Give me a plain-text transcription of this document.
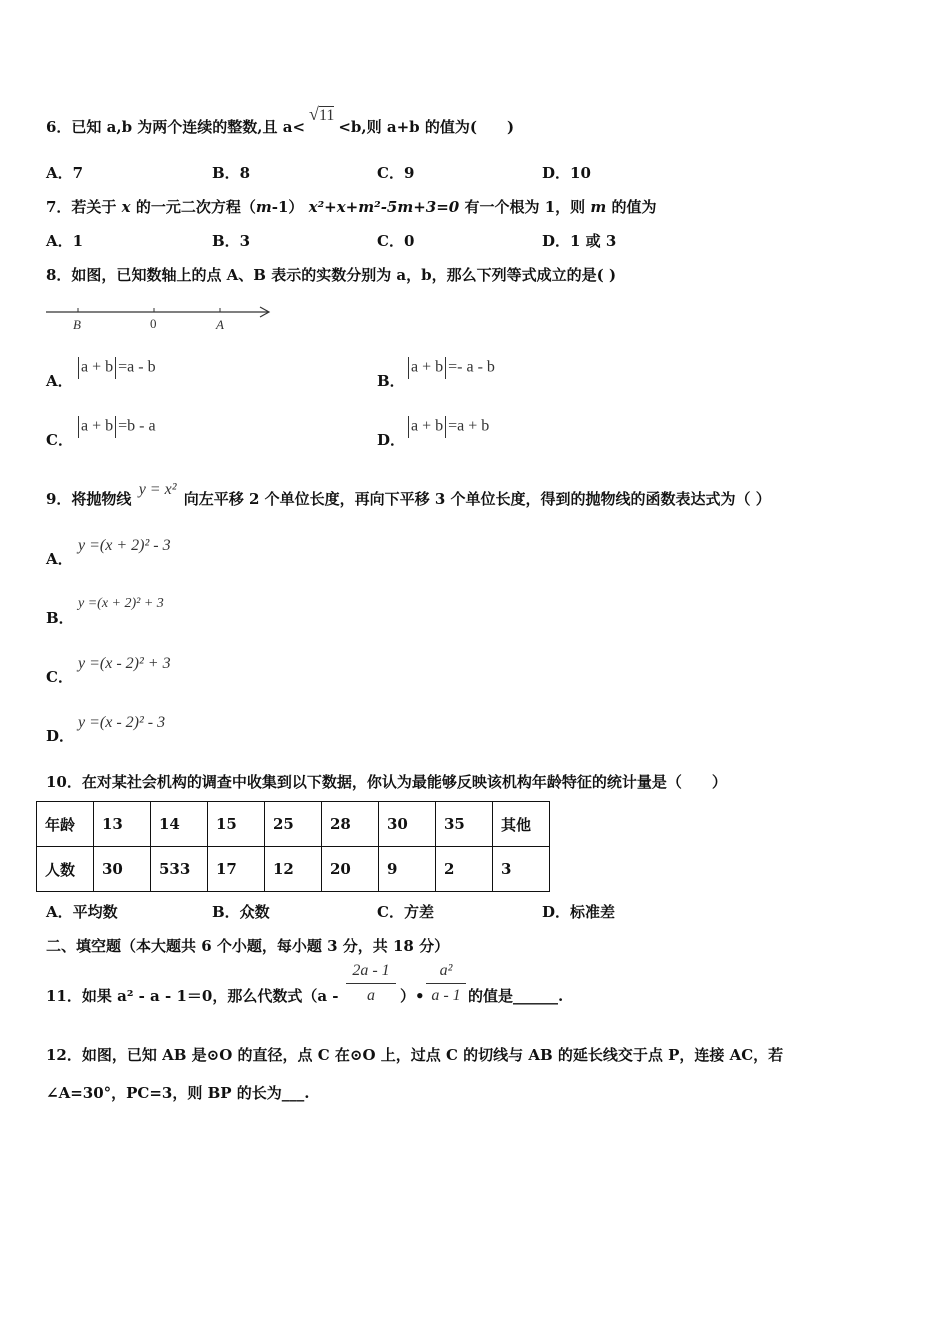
6．已知 a,b 为两个连续的整数,且 a<√11<b,则 a+b 的值为(　　)
A．7	B．8	C．9	D．10
7．若关于 x 的一元二次方程（m-1） x²+x+m²-5m+3=0 有一个根为 1，则 m 的值为
A．1	B．3	C．0	D．1 或 3
8．如图，已知数轴上的点 A、B 表示的实数分别为 a，b，那么下列等式成立的是( )
B	0	A
A．
a + b =a - b
B．
a + b =- a - b
C．
a + b =b - a
D．
a + b =a + b
9．将抛物线 y = x² 向左平移 2 个单位长度，再向下平移 3 个单位长度，得到的抛物线的函数表达式为（ ）
A．
y =(x + 2)² - 3
B．
y =(x + 2)² + 3
C．
y =(x - 2)² + 3
D．
y =(x - 2)² - 3
10．在对某社会机构的调查中收集到以下数据，你认为最能够反映该机构年龄特征的统计量是（　　）
年龄	13	14	15	25	28	30	35	其他
人数	30	533	17	12	20	9	2	3
A．平均数	B．众数	C．方差	D．标准差
二、填空题（本大题共 6 个小题，每小题 3 分，共 18 分）
11．如果 a² - a - 1＝0，那么代数式（a -
2a - 1
a	）•
a²
a - 1 的值是______.
12．如图，已知 AB 是⊙O 的直径，点 C 在⊙O 上，过点 C 的切线与 AB 的延长线交于点 P，连接 AC，若
∠A=30°，PC=3，则 BP 的长为___.
